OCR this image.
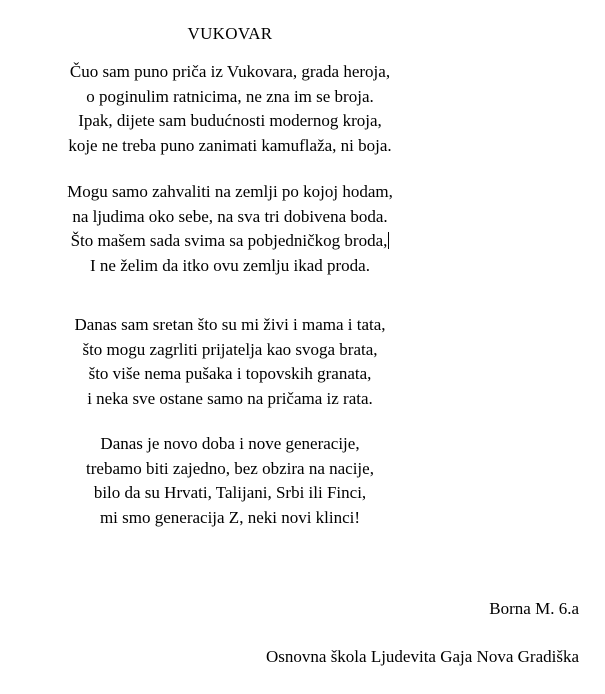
VUKOVAR
Čuo sam puno priča iz Vukovara, grada heroja,
o poginulim ratnicima, ne zna im se broja.
Ipak, dijete sam budućnosti modernog kroja,
koje ne treba puno zanimati kamuflaža, ni boja.
Mogu samo zahvaliti na zemlji po kojoj hodam,
na ljudima oko sebe, na sva tri dobivena boda.
Što mašem sada svima sa pobjedničkog broda,
I ne želim da itko ovu zemlju ikad proda.
Danas sam sretan što su mi živi i mama i tata,
što mogu zagrliti prijatelja kao svoga brata,
što više nema pušaka i topovskih granata,
i neka sve ostane samo na pričama iz rata.
Danas je novo doba i nove generacije,
trebamo biti zajedno, bez obzira na nacije,
bilo da su Hrvati, Talijani, Srbi ili Finci,
mi smo generacija Z, neki novi klinci!
Borna M. 6.a
Osnovna škola Ljudevita Gaja Nova Gradiška
